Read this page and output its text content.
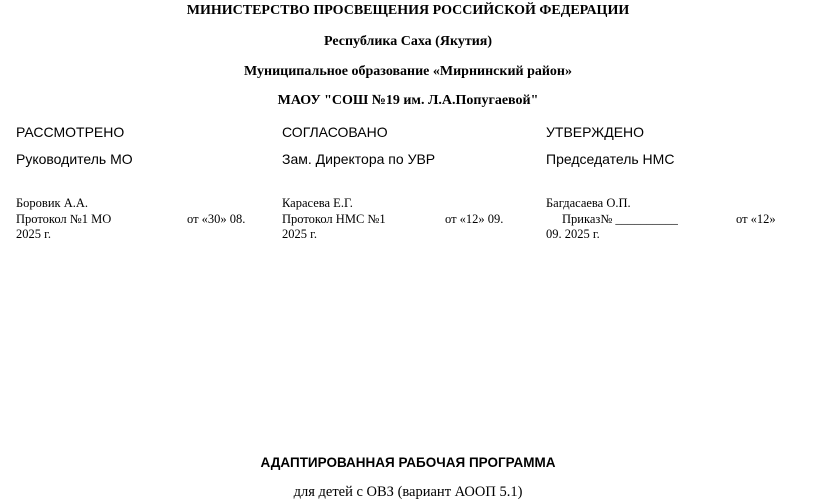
МИНИСТЕРСТВО ПРОСВЕЩЕНИЯ РОССИЙСКОЙ ФЕДЕРАЦИИ
Республика Саха (Якутия)
Муниципальное образование «Мирнинский район»
МАОУ "СОШ №19 им. Л.А.Попугаевой"
РАССМОТРЕНО
Руководитель МО
Боровик А.А.
Протокол №1 МО	от «30» 08.
2025 г.
СОГЛАСОВАНО
Зам. Директора по УВР
Карасева Е.Г.
Протокол НМС №1	от «12» 09.
2025 г.
УТВЕРЖДЕНО
Председатель НМС
Багдасаева О.П.
Приказ№ __________	от «12»
09. 2025 г.
АДАПТИРОВАННАЯ РАБОЧАЯ ПРОГРАММА
для детей с ОВЗ (вариант АООП 5.1)
